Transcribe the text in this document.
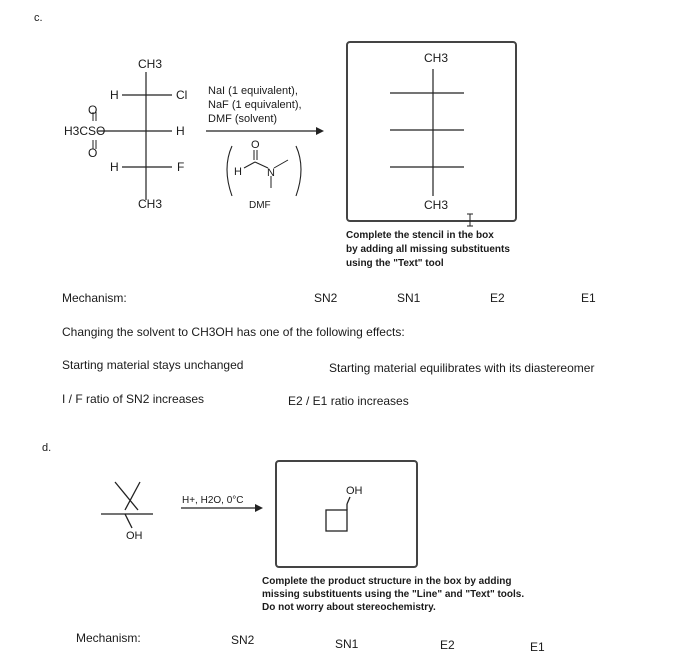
c.
CH3
CH3
H	Cl
O
H3CSO	H
O
H	F
NaI (1 equivalent),
NaF (1 equivalent),
DMF (solvent)
O
H N
DMF
CH3
CH3
Complete the stencil in the box
by adding all missing substituents
using the "Text" tool
Mechanism:	SN2	SN1	E2	E1
Changing the solvent to CH3OH has one of the following effects:
Starting material stays unchanged	Starting material equilibrates with its diastereomer
I / F ratio of SN2 increases	E2 / E1 ratio increases
d.
OH
H+, H2O, 0°C
OH
Complete the product structure in the box by adding
missing substituents using the "Line" and "Text" tools.
Do not worry about stereochemistry.
Mechanism:	SN2	SN1	E2	E1
